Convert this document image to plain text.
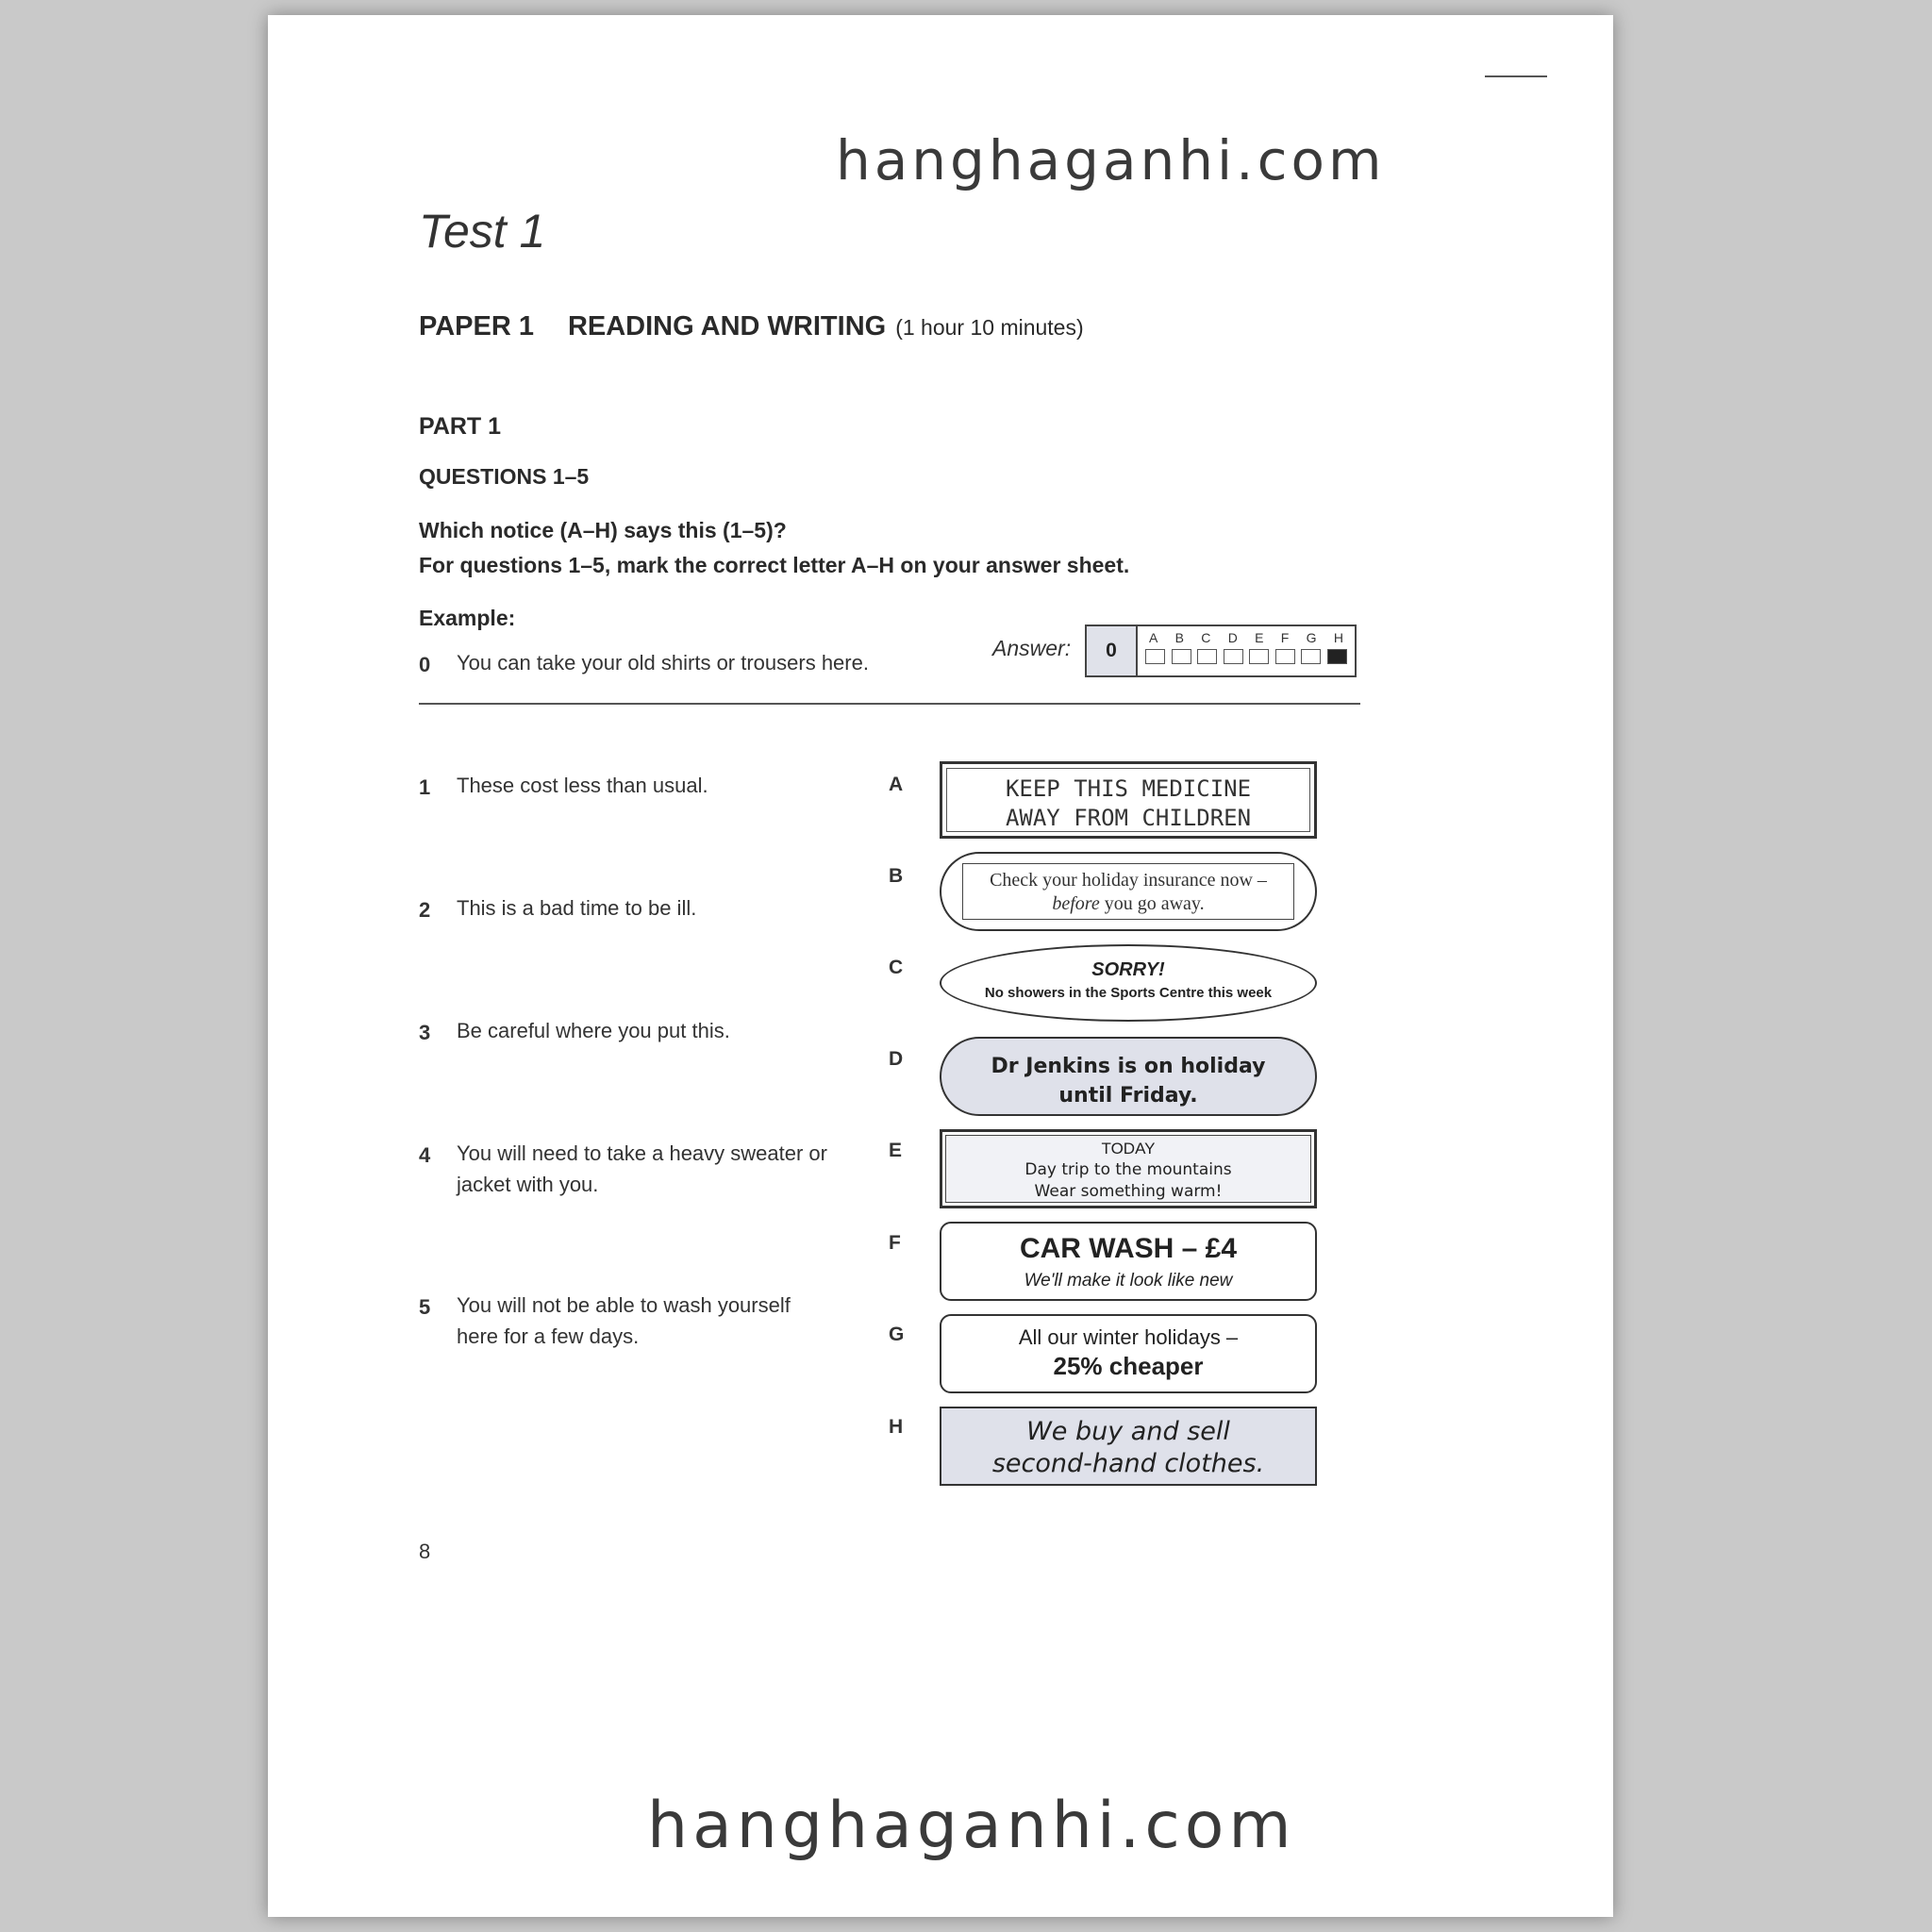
hanghaganhi.com
Test 1
PAPER 1 READING AND WRITING (1 hour 10 minutes)
PART 1
QUESTIONS 1–5
Which notice (A–H) says this (1–5)?
For questions 1–5, mark the correct letter A–H on your answer sheet.
Example:
0 You can take your old shirts or trousers here.
Answer:	0
A B C D E F G H
1 These cost less than usual.
2 This is a bad time to be ill.
3 Be careful where you put this.
4 You will need to take a heavy sweater or jacket with you.
5 You will not be able to wash yourself here for a few days.
A
B
C
D
E
F
G
H
KEEP THIS MEDICINE
AWAY FROM CHILDREN
Check your holiday insurance now –
before you go away.
SORRY!
No showers in the Sports Centre this week
Dr Jenkins is on holiday
until Friday.
TODAY
Day trip to the mountains
Wear something warm!
CAR WASH – £4
We'll make it look like new
All our winter holidays –
25% cheaper
We buy and sell
second-hand clothes.
8
hanghaganhi.com
